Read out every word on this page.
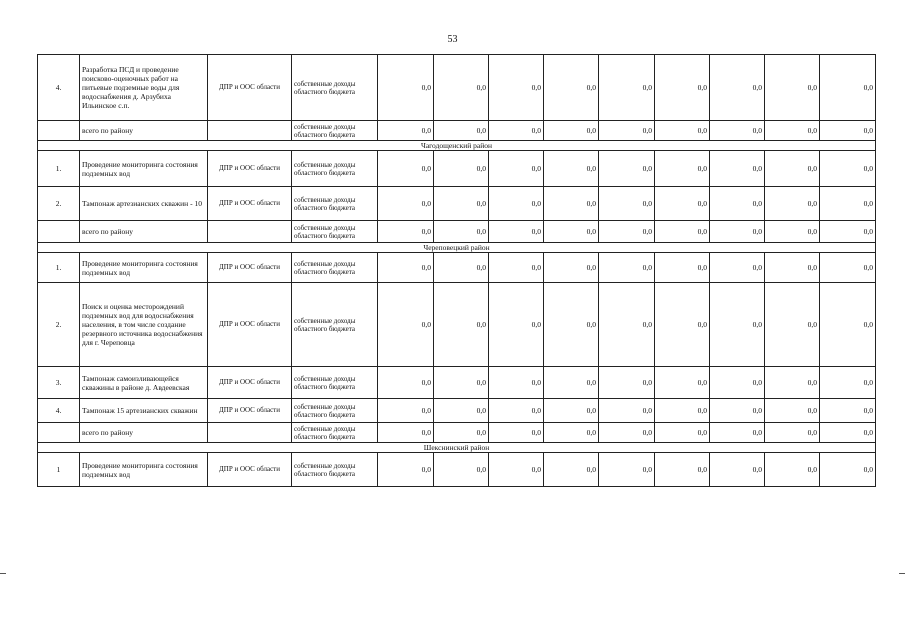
53
4.	Разработка ПСД и проведение поисково-оценочных работ на питьевые подземные воды для водоснабжения д. Арзубиха Ильинское с.п.	ДПР и ООС области	собственные доходы областного бюджета	0,0	0,0	0,0	0,0	0,0	0,0	0,0	0,0	0,0
	всего по району		собственные доходы областного бюджета	0,0	0,0	0,0	0,0	0,0	0,0	0,0	0,0	0,0
Чагодощенский район												
1.	Проведение мониторинга состояния подземных вод	ДПР и ООС области	собственные доходы областного бюджета	0,0	0,0	0,0	0,0	0,0	0,0	0,0	0,0	0,0
2.	Тампонаж артезианских скважин - 10	ДПР и ООС области	собственные доходы областного бюджета	0,0	0,0	0,0	0,0	0,0	0,0	0,0	0,0	0,0
	всего по району		собственные доходы областного бюджета	0,0	0,0	0,0	0,0	0,0	0,0	0,0	0,0	0,0
Череповецкий район												
1.	Проведение мониторинга состояния подземных вод	ДПР и ООС области	собственные доходы областного бюджета	0,0	0,0	0,0	0,0	0,0	0,0	0,0	0,0	0,0
2.	Поиск и оценка месторождений подземных вод для водоснабжения населения, в том числе создание резервного источника водоснабжения для г. Череповца	ДПР и ООС области	собственные доходы областного бюджета	0,0	0,0	0,0	0,0	0,0	0,0	0,0	0,0	0,0
3.	Тампонаж самоизливающейся скважины в районе д. Авдеевская	ДПР и ООС области	собственные доходы областного бюджета	0,0	0,0	0,0	0,0	0,0	0,0	0,0	0,0	0,0
4.	Тампонаж 15 артезианских скважин	ДПР и ООС области	собственные доходы областного бюджета	0,0	0,0	0,0	0,0	0,0	0,0	0,0	0,0	0,0
	всего по району		собственные доходы областного бюджета	0,0	0,0	0,0	0,0	0,0	0,0	0,0	0,0	0,0
Шекснинский район												
1	Проведение мониторинга состояния подземных вод	ДПР и ООС области	собственные доходы областного бюджета	0,0	0,0	0,0	0,0	0,0	0,0	0,0	0,0	0,0
